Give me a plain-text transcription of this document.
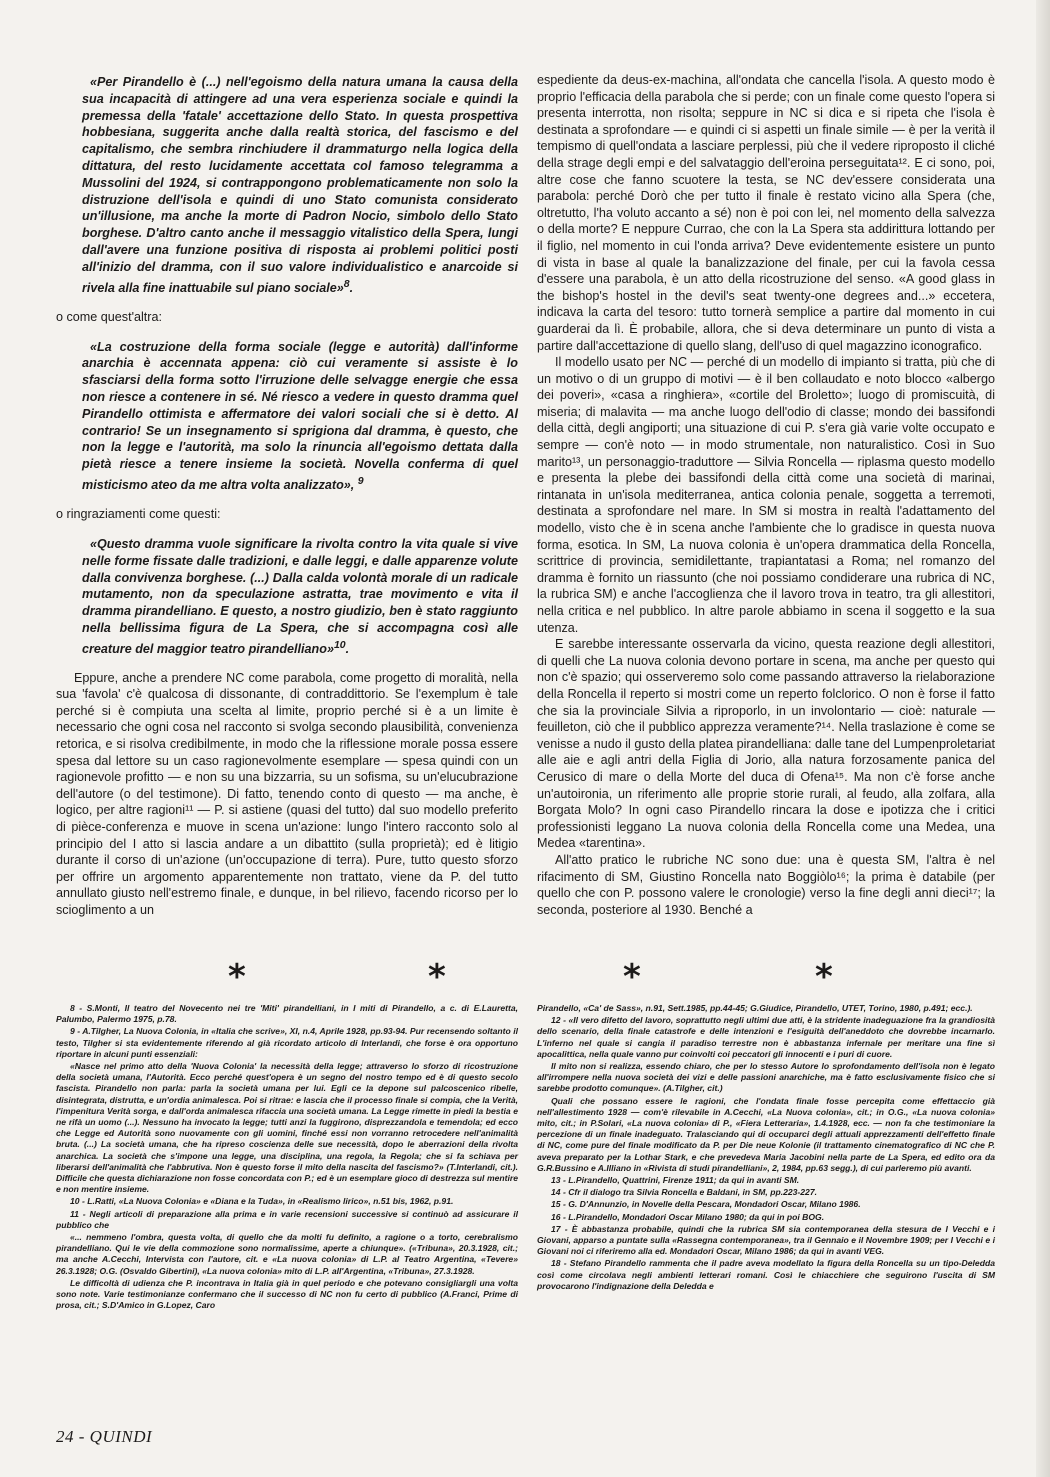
«Per Pirandello è (...) nell'egoismo della natura umana la causa della sua incapacità di attingere ad una vera esperienza sociale e quindi la premessa della 'fatale' accettazione dello Stato. In questa prospettiva hobbesiana, suggerita anche dalla realtà storica, del fascismo e del capitalismo, che sembra rinchiudere il drammaturgo nella logica della dittatura, del resto lucidamente accettata col famoso telegramma a Mussolini del 1924, si contrappongono problematicamente non solo la distruzione dell'isola e quindi di uno Stato comunista considerato un'illusione, ma anche la morte di Padron Nocio, simbolo dello Stato borghese. D'altro canto anche il messaggio vitalistico della Spera, lungi dall'avere una funzione positiva di risposta ai problemi politici posti all'inizio del dramma, con il suo valore individualistico e anarcoide si rivela alla fine inattuabile sul piano sociale»$^8$.

o come quest'altra:

«La costruzione della forma sociale (legge e autorità) dall'informe anarchia è accennata appena: ciò cui veramente si assiste è lo sfasciarsi della forma sotto l'irruzione delle selvagge energie che essa non riesce a contenere in sé. Né riesco a vedere in questo dramma quel Pirandello ottimista e affermatore dei valori sociali che si è detto. Al contrario! Se un insegnamento si sprigiona dal dramma, è questo, che non la legge e l'autorità, ma solo la rinuncia all'egoismo dettata dalla pietà riesce a tenere insieme la società. Novella conferma di quel misticismo ateo da me altra volta analizzato», $^9$

o ringraziamenti come questi:

«Questo dramma vuole significare la rivolta contro la vita quale si vive nelle forme fissate dalle tradizioni, e dalle leggi, e dalle apparenze volute dalla convivenza borghese. (...) Dalla calda volontà morale di un radicale mutamento, non da speculazione astratta, trae movimento e vita il dramma pirandelliano. E questo, a nostro giudizio, ben è stato raggiunto nella bellissima figura de La Spera, che si accompagna così alle creature del maggior teatro pirandelliano»$^{10}$.

Eppure, anche a prendere NC come parabola, come progetto di moralità, nella sua 'favola' c'è qualcosa di dissonante, di contraddittorio. Se l'exemplum è tale perché si è compiuta una scelta al limite, proprio perché si è a un limite è necessario che ogni cosa nel racconto si svolga secondo plausibilità, convenienza retorica, e si risolva credibilmente, in modo che la riflessione morale possa essere spesa dal lettore su un caso ragionevolmente esemplare — spesa quindi con un ragionevole profitto — e non su una bizzarria, su un sofisma, su un'elucubrazione dell'autore (o del testimone). Di fatto, tenendo conto di questo — ma anche, è logico, per altre ragioni¹¹ — P. si astiene (quasi del tutto) dal suo modello preferito di pièce-conferenza e muove in scena un'azione: lungo l'intero racconto solo al principio del I atto si lascia andare a un dibattito (sulla proprietà); ed è litigio durante il corso di un'azione (un'occupazione di terra). Pure, tutto questo sforzo per offrire un argomento apparentemente non trattato, viene da P. del tutto annullato giusto nell'estremo finale, e dunque, in bel rilievo, facendo ricorso per lo scioglimento a un

espediente da deus-ex-machina, all'ondata che cancella l'isola. A questo modo è proprio l'efficacia della parabola che si perde; con un finale come questo l'opera si presenta interrotta, non risolta; seppure in NC si dica e si ripeta che l'isola è destinata a sprofondare — e quindi ci si aspetti un finale simile — è per la verità il tempismo di quell'ondata a lasciare perplessi, più che il vedere riproposto il cliché della strage degli empi e del salvataggio dell'eroina perseguitata¹². E ci sono, poi, altre cose che fanno scuotere la testa, se NC dev'essere considerata una parabola: perché Dorò che per tutto il finale è restato vicino alla Spera (che, oltretutto, l'ha voluto accanto a sé) non è poi con lei, nel momento della salvezza o della morte? E neppure Currao, che con la La Spera sta addirittura lottando per il figlio, nel momento in cui l'onda arriva? Deve evidentemente esistere un punto di vista in base al quale la banalizzazione del finale, per cui la favola cessa d'essere una parabola, è un atto della ricostruzione del senso. «A good glass in the bishop's hostel in the devil's seat twenty-one degrees and...» eccetera, indicava la carta del tesoro: tutto tornerà semplice a partire dal momento in cui guarderai da lì. È probabile, allora, che si deva determinare un punto di vista a partire dall'accettazione di quello slang, dell'uso di quel magazzino iconografico.

Il modello usato per NC — perché di un modello di impianto si tratta, più che di un motivo o di un gruppo di motivi — è il ben collaudato e noto blocco «albergo dei poveri», «casa a ringhiera», «cortile del Broletto»; luogo di promiscuità, di miseria; di malavita — ma anche luogo dell'odio di classe; mondo dei bassifondi della città, degli angiporti; una situazione di cui P. s'era già varie volte occupato e sempre — con'è noto — in modo strumentale, non naturalistico. Così in Suo marito¹³, un personaggio-traduttore — Silvia Roncella — riplasma questo modello e presenta la plebe dei bassifondi della città come una società di marinai, rintanata in un'isola mediterranea, antica colonia penale, soggetta a terremoti, destinata a sprofondare nel mare. In SM si mostra in realtà l'adattamento del modello, visto che è in scena anche l'ambiente che lo gradisce in questa nuova forma, esotica. In SM, La nuova colonia è un'opera drammatica della Roncella, scrittrice di provincia, semidilettante, trapiantatasi a Roma; nel romanzo del dramma è fornito un riassunto (che noi possiamo condiderare una rubrica di NC, la rubrica SM) e anche l'accoglienza che il lavoro trova in teatro, tra gli allestitori, nella critica e nel pubblico. In altre parole abbiamo in scena il soggetto e la sua utenza.

E sarebbe interessante osservarla da vicino, questa reazione degli allestitori, di quelli che La nuova colonia devono portare in scena, ma anche per questo qui non c'è spazio; qui osserveremo solo come passando attraverso la rielaborazione della Roncella il reperto si mostri come un reperto folclorico. O non è forse il fatto che sia la provinciale Silvia a riproporlo, in un involontario — cioè: naturale — feuilleton, ciò che il pubblico apprezza veramente?¹⁴. Nella traslazione è come se venisse a nudo il gusto della platea pirandelliana: dalle tane del Lumpenproletariat alle aie e agli antri della Figlia di Jorio, alla natura forzosamente panica del Cerusico di mare o della Morte del duca di Ofena¹⁵. Ma non c'è forse anche un'autoironia, un riferimento alle proprie storie rurali, al feudo, alla zolfara, alla Borgata Molo? In ogni caso Pirandello rincara la dose e ipotizza che i critici professionisti leggano La nuova colonia della Roncella come una Medea, una Medea «tarentina».

All'atto pratico le rubriche NC sono due: una è questa SM, l'altra è nel rifacimento di SM, Giustino Roncella nato Boggiòlo¹⁶; la prima è databile (per quello che con P. possono valere le cronologie) verso la fine degli anni dieci¹⁷; la seconda, posteriore al 1930. Benché a

*	*	*	*

8 - S.Monti, Il teatro del Novecento nei tre 'Miti' pirandelliani, in I miti di Pirandello, a c. di E.Lauretta, Palumbo, Palermo 1975, p.78.

9 - A.Tilgher, La Nuova Colonia, in «Italia che scrive», XI, n.4, Aprile 1928, pp.93-94. Pur recensendo soltanto il testo, Tilgher si sta evidentemente riferendo al già ricordato articolo di Interlandi, che forse è ora opportuno riportare in alcuni punti essenziali:

«Nasce nel primo atto della 'Nuova Colonia' la necessità della legge; attraverso lo sforzo di ricostruzione della società umana, l'Autorità. Ecco perché quest'opera è un segno del nostro tempo ed è di questo secolo fascista. Pirandello non parla: parla la società umana per lui. Egli ce la depone sul palcoscenico ribelle, disintegrata, distrutta, e un'ordia animalesca. Poi si ritrae: e lascia che il processo finale si compia, che la Verità, l'impenitura Verità sorga, e dall'orda animalesca rifaccia una società umana. La Legge rimette in piedi la bestia e ne rifà un uomo (...). Nessuno ha invocato la legge; tutti anzi la fuggirono, disprezzandola e temendola; ed ecco che Legge ed Autorità sono nuovamente con gli uomini, finché essi non vorranno retrocedere nell'animalità bruta. (...) La società umana, che ha ripreso coscienza delle sue necessità, dopo le aberrazioni della rivolta anarchica. La società che s'impone una legge, una disciplina, una regola, la Regola; che si fa schiava per liberarsi dell'animalità che l'abbrutiva. Non è questo forse il mito della nascita del fascismo?» (T.Interlandi, cit.). Difficile che questa dichiarazione non fosse concordata con P.; ed è un esemplare gioco di destrezza sul mentire e non mentire insieme.

10 - L.Ratti, «La Nuova Colonia» e «Diana e la Tuda», in «Realismo lirico», n.51 bis, 1962, p.91.

11 - Negli articoli di preparazione alla prima e in varie recensioni successive si continuò ad assicurare il pubblico che

«... nemmeno l'ombra, questa volta, di quello che da molti fu definito, a ragione o a torto, cerebralismo pirandelliano. Qui le vie della commozione sono normalissime, aperte a chiunque». («Tribuna», 20.3.1928, cit.; ma anche A.Cecchi, Intervista con l'autore, cit. e «La nuova colonia» di L.P. al Teatro Argentina, «Tevere» 26.3.1928; O.G. (Osvaldo Gibertini), «La nuova colonia» mito di L.P. all'Argentina, «Tribuna», 27.3.1928.

Le difficoltà di udienza che P. incontrava in Italia già in quel periodo e che potevano consigliargli una volta sono note. Varie testimonianze confermano che il successo di NC non fu certo di pubblico (A.Franci, Prime di prosa, cit.; S.D'Amico in G.Lopez, Caro

Pirandello, «Ca' de Sass», n.91, Sett.1985, pp.44-45; G.Giudice, Pirandello, UTET, Torino, 1980, p.491; ecc.).

12 - «Il vero difetto del lavoro, soprattutto negli ultimi due atti, è la stridente inadeguazione fra la grandiosità dello scenario, della finale catastrofe e delle intenzioni e l'esiguità dell'aneddoto che dovrebbe incarnarlo. L'inferno nel quale si cangia il paradiso terrestre non è abbastanza infernale per meritare una fine sì apocalittica, nella quale vanno pur coinvolti coi peccatori gli innocenti e i puri di cuore.

Il mito non si realizza, essendo chiaro, che per lo stesso Autore lo sprofondamento dell'isola non è legato all'irrompere nella nuova società dei vizi e delle passioni anarchiche, ma è fatto esclusivamente fisico che si sarebbe prodotto comunque». (A.Tilgher, cit.)

Quali che possano essere le ragioni, che l'ondata finale fosse percepita come effettaccio già nell'allestimento 1928 — com'è rilevabile in A.Cecchi, «La Nuova colonia», cit.; in O.G., «La nuova colonia» mito, cit.; in P.Solari, «La nuova colonia» di P., «Fiera Letteraria», 1.4.1928, ecc. — non fa che testimoniare la percezione di un finale inadeguato. Tralasciando qui di occuparci degli attuali apprezzamenti dell'effetto finale di NC, come pure del finale modificato da P. per Die neue Kolonie (il trattamento cinematografico di NC che P. aveva preparato per la Lothar Stark, e che prevedeva Maria Jacobini nella parte de La Spera, ed edito ora da G.R.Bussino e A.Illiano in «Rivista di studi pirandelliani», 2, 1984, pp.63 segg.), di cui parleremo più avanti.

13 - L.Pirandello, Quattrini, Firenze 1911; da qui in avanti SM.

14 - Cfr il dialogo tra Silvia Roncella e Baldani, in SM, pp.223-227.

15 - G. D'Annunzio, in Novelle della Pescara, Mondadori Oscar, Milano 1986.

16 - L.Pirandello, Mondadori Oscar Milano 1980; da qui in poi BOG.

17 - È abbastanza probabile, quindi che la rubrica SM sia contemporanea della stesura de I Vecchi e i Giovani, apparso a puntate sulla «Rassegna contemporanea», tra il Gennaio e il Novembre 1909; per I Vecchi e i Giovani noi ci riferiremo alla ed. Mondadori Oscar, Milano 1986; da qui in avanti VEG.

18 - Stefano Pirandello rammenta che il padre aveva modellato la figura della Roncella su un tipo-Deledda così come circolava negli ambienti letterari romani. Così le chiacchiere che seguirono l'uscita di SM provocarono l'indignazione della Deledda e

24 - QUINDI
